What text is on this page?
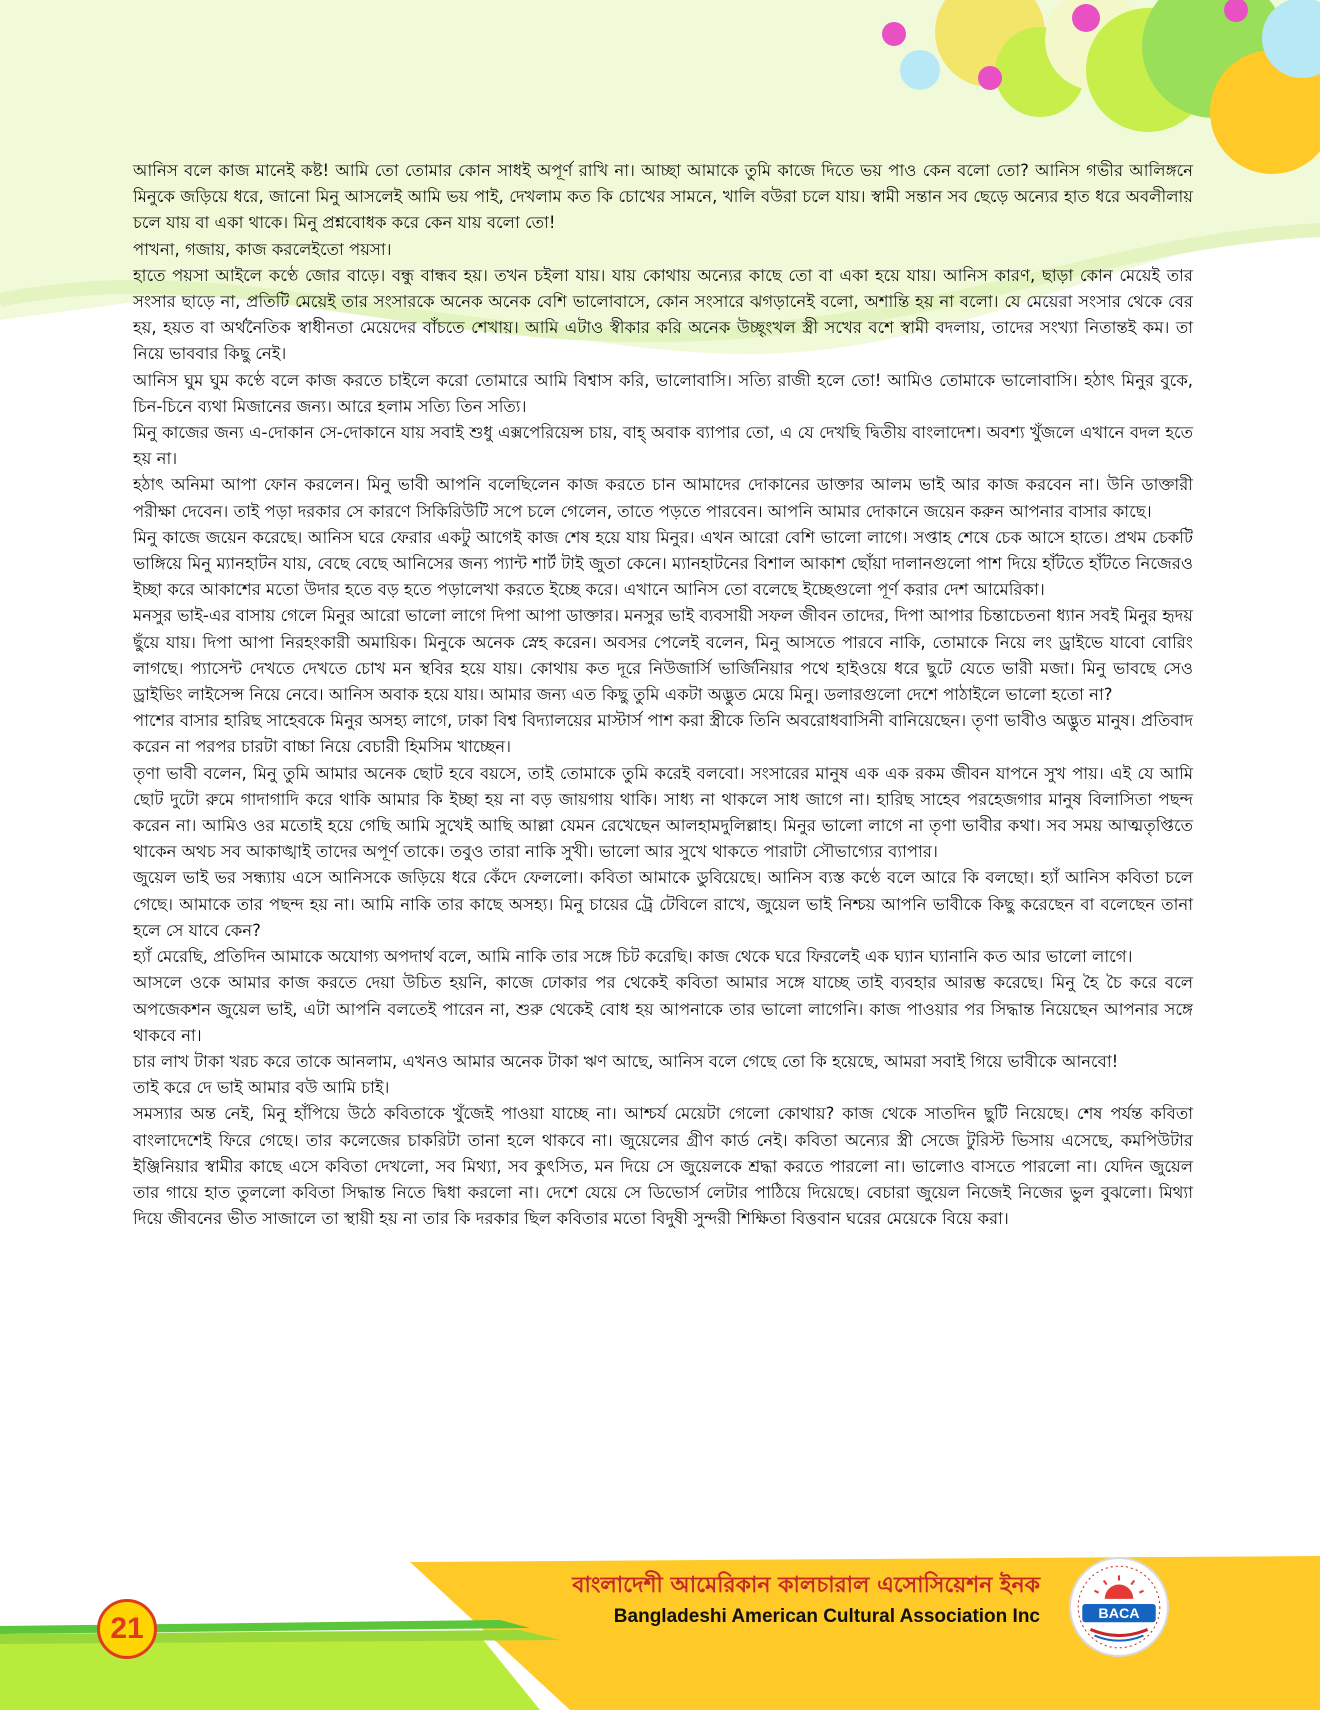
21
বাংলাদেশী আমেরিকান কালচারাল এসোসিয়েশন ইনক
Bangladeshi American Cultural Association Inc	BACA

আনিস বলে কাজ মানেই কষ্ট! আমি তো তোমার কোন সাধই অপূর্ণ রাখি না। আচ্ছা আমাকে তুমি কাজে দিতে ভয় পাও কেন বলো তো? আনিস গভীর আলিঙ্গনে মিনুকে জড়িয়ে ধরে, জানো মিনু আসলেই আমি ভয় পাই, দেখলাম কত কি চোখের সামনে, খালি বউরা চলে যায়। স্বামী সন্তান সব ছেড়ে অন্যের হাত ধরে অবলীলায় চলে যায় বা একা থাকে। মিনু প্রশ্নবোধক করে কেন যায় বলো তো!

পাখনা, গজায়, কাজ করলেইতো পয়সা।

হাতে পয়সা আইলে কণ্ঠে জোর বাড়ে। বন্ধু বান্ধব হয়। তখন চইলা যায়। যায় কোথায় অন্যের কাছে তো বা একা হয়ে যায়। আনিস কারণ, ছাড়া কোন মেয়েই তার সংসার ছাড়ে না, প্রতিটি মেয়েই তার সংসারকে অনেক অনেক বেশি ভালোবাসে, কোন সংসারে ঝগড়ানেই বলো, অশান্তি হয় না বলো। যে মেয়েরা সংসার থেকে বের হয়, হয়ত বা অর্থনৈতিক স্বাধীনতা মেয়েদের বাঁচতে শেখায়। আমি এটাও স্বীকার করি অনেক উচ্ছৃংখল স্ত্রী সখের বশে স্বামী বদলায়, তাদের সংখ্যা নিতান্তই কম। তা নিয়ে ভাববার কিছু নেই।

আনিস ঘুম ঘুম কণ্ঠে বলে কাজ করতে চাইলে করো তোমারে আমি বিশ্বাস করি, ভালোবাসি। সত্যি রাজী হলে তো! আমিও তোমাকে ভালোবাসি। হঠাৎ মিনুর বুকে, চিন-চিনে ব্যথা মিজানের জন্য। আরে হলাম সত্যি তিন সত্যি।

মিনু কাজের জন্য এ-দোকান সে-দোকানে যায় সবাই শুধু এক্সপেরিয়েন্স চায়, বাহ্ অবাক ব্যাপার তো, এ যে দেখছি দ্বিতীয় বাংলাদেশ। অবশ্য খুঁজলে এখানে বদল হতে হয় না।

হঠাৎ অনিমা আপা ফোন করলেন। মিনু ভাবী আপনি বলেছিলেন কাজ করতে চান আমাদের দোকানের ডাক্তার আলম ভাই আর কাজ করবেন না। উনি ডাক্তারী পরীক্ষা দেবেন। তাই পড়া দরকার সে কারণে সিকিরিউটি সপে চলে গেলেন, তাতে পড়তে পারবেন। আপনি আমার দোকানে জয়েন করুন আপনার বাসার কাছে।

মিনু কাজে জয়েন করেছে। আনিস ঘরে ফেরার একটু আগেই কাজ শেষ হয়ে যায় মিনুর। এখন আরো বেশি ভালো লাগে। সপ্তাহ শেষে চেক আসে হাতে। প্রথম চেকটি ভাঙ্গিয়ে মিনু ম্যানহাটন যায়, বেছে বেছে আনিসের জন্য প্যান্ট শার্ট টাই জুতা কেনে। ম্যানহাটনের বিশাল আকাশ ছোঁয়া দালানগুলো পাশ দিয়ে হাঁটতে হাঁটতে নিজেরও ইচ্ছা করে আকাশের মতো উদার হতে বড় হতে পড়ালেখা করতে ইচ্ছে করে। এখানে আনিস তো বলেছে ইচ্ছেগুলো পূর্ণ করার দেশ আমেরিকা।

মনসুর ভাই-এর বাসায় গেলে মিনুর আরো ভালো লাগে দিপা আপা ডাক্তার। মনসুর ভাই ব্যবসায়ী সফল জীবন তাদের, দিপা আপার চিন্তাচেতনা ধ্যান সবই মিনুর হৃদয় ছুঁয়ে যায়। দিপা আপা নিরহংকারী অমায়িক। মিনুকে অনেক স্নেহ করেন। অবসর পেলেই বলেন, মিনু আসতে পারবে নাকি, তোমাকে নিয়ে লং ড্রাইভে যাবো বোরিং লাগছে। প্যাসেন্ট দেখতে দেখতে চোখ মন স্থবির হয়ে যায়। কোথায় কত দূরে নিউজার্সি ভার্জিনিয়ার পথে হাইওয়ে ধরে ছুটে যেতে ভারী মজা। মিনু ভাবছে সেও ড্রাইভিং লাইসেন্স নিয়ে নেবে। আনিস অবাক হয়ে যায়। আমার জন্য এত কিছু তুমি একটা অদ্ভুত মেয়ে মিনু। ডলারগুলো দেশে পাঠাইলে ভালো হতো না?

পাশের বাসার হারিছ সাহেবকে মিনুর অসহ্য লাগে, ঢাকা বিশ্ব বিদ্যালয়ের মাস্টার্স পাশ করা স্ত্রীকে তিনি অবরোধবাসিনী বানিয়েছেন। তৃণা ভাবীও অদ্ভুত মানুষ। প্রতিবাদ করেন না পরপর চারটা বাচ্চা নিয়ে বেচারী হিমসিম খাচ্ছেন।

তৃণা ভাবী বলেন, মিনু তুমি আমার অনেক ছোট হবে বয়সে, তাই তোমাকে তুমি করেই বলবো। সংসারের মানুষ এক এক রকম জীবন যাপনে সুখ পায়। এই যে আমি ছোট দুটো রুমে গাদাগাদি করে থাকি আমার কি ইচ্ছা হয় না বড় জায়গায় থাকি। সাধ্য না থাকলে সাধ জাগে না। হারিছ সাহেব পরহেজগার মানুষ বিলাসিতা পছন্দ করেন না। আমিও ওর মতোই হয়ে গেছি আমি সুখেই আছি আল্লা যেমন রেখেছেন আলহামদুলিল্লাহ। মিনুর ভালো লাগে না তৃণা ভাবীর কথা। সব সময় আত্মতৃপ্তিতে থাকেন অথচ সব আকাঙ্খাই তাদের অপূর্ণ তাকে। তবুও তারা নাকি সুখী। ভালো আর সুখে থাকতে পারাটা সৌভাগ্যের ব্যাপার।

জুয়েল ভাই ভর সন্ধ্যায় এসে আনিসকে জড়িয়ে ধরে কেঁদে ফেললো। কবিতা আমাকে ডুবিয়েছে। আনিস ব্যস্ত কণ্ঠে বলে আরে কি বলছো। হ্যাঁ আনিস কবিতা চলে গেছে। আমাকে তার পছন্দ হয় না। আমি নাকি তার কাছে অসহ্য। মিনু চায়ের ট্রে টেবিলে রাখে, জুয়েল ভাই নিশ্চয় আপনি ভাবীকে কিছু করেছেন বা বলেছেন তানা হলে সে যাবে কেন?

হ্যাঁ মেরেছি, প্রতিদিন আমাকে অযোগ্য অপদার্থ বলে, আমি নাকি তার সঙ্গে চিট করেছি। কাজ থেকে ঘরে ফিরলেই এক ঘ্যান ঘ্যানানি কত আর ভালো লাগে।

আসলে ওকে আমার কাজ করতে দেয়া উচিত হয়নি, কাজে ঢোকার পর থেকেই কবিতা আমার সঙ্গে যাচ্ছে তাই ব্যবহার আরম্ভ করেছে। মিনু হৈ চৈ করে বলে অপজেকশন জুয়েল ভাই, এটা আপনি বলতেই পারেন না, শুরু থেকেই বোধ হয় আপনাকে তার ভালো লাগেনি। কাজ পাওয়ার পর সিদ্ধান্ত নিয়েছেন আপনার সঙ্গে থাকবে না।

চার লাখ টাকা খরচ করে তাকে আনলাম, এখনও আমার অনেক টাকা ঋণ আছে, আনিস বলে গেছে তো কি হয়েছে, আমরা সবাই গিয়ে ভাবীকে আনবো!

তাই করে দে ভাই আমার বউ আমি চাই।

সমস্যার অন্ত নেই, মিনু হাঁপিয়ে উঠে কবিতাকে খুঁজেই পাওয়া যাচ্ছে না। আশ্চর্য মেয়েটা গেলো কোথায়? কাজ থেকে সাতদিন ছুটি নিয়েছে। শেষ পর্যন্ত কবিতা বাংলাদেশেই ফিরে গেছে। তার কলেজের চাকরিটা তানা হলে থাকবে না। জুয়েলের গ্রীণ কার্ড নেই। কবিতা অন্যের স্ত্রী সেজে টুরিস্ট ভিসায় এসেছে, কমপিউটার ইঞ্জিনিয়ার স্বামীর কাছে এসে কবিতা দেখলো, সব মিথ্যা, সব কুৎসিত, মন দিয়ে সে জুয়েলকে শ্রদ্ধা করতে পারলো না। ভালোও বাসতে পারলো না। যেদিন জুয়েল তার গায়ে হাত তুললো কবিতা সিদ্ধান্ত নিতে দ্বিধা করলো না। দেশে যেয়ে সে ডিভোর্স লেটার পাঠিয়ে দিয়েছে। বেচারা জুয়েল নিজেই নিজের ভুল বুঝলো। মিথ্যা দিয়ে জীবনের ভীত সাজালে তা স্থায়ী হয় না তার কি দরকার ছিল কবিতার মতো বিদুষী সুন্দরী শিক্ষিতা বিত্তবান ঘরের মেয়েকে বিয়ে করা।
